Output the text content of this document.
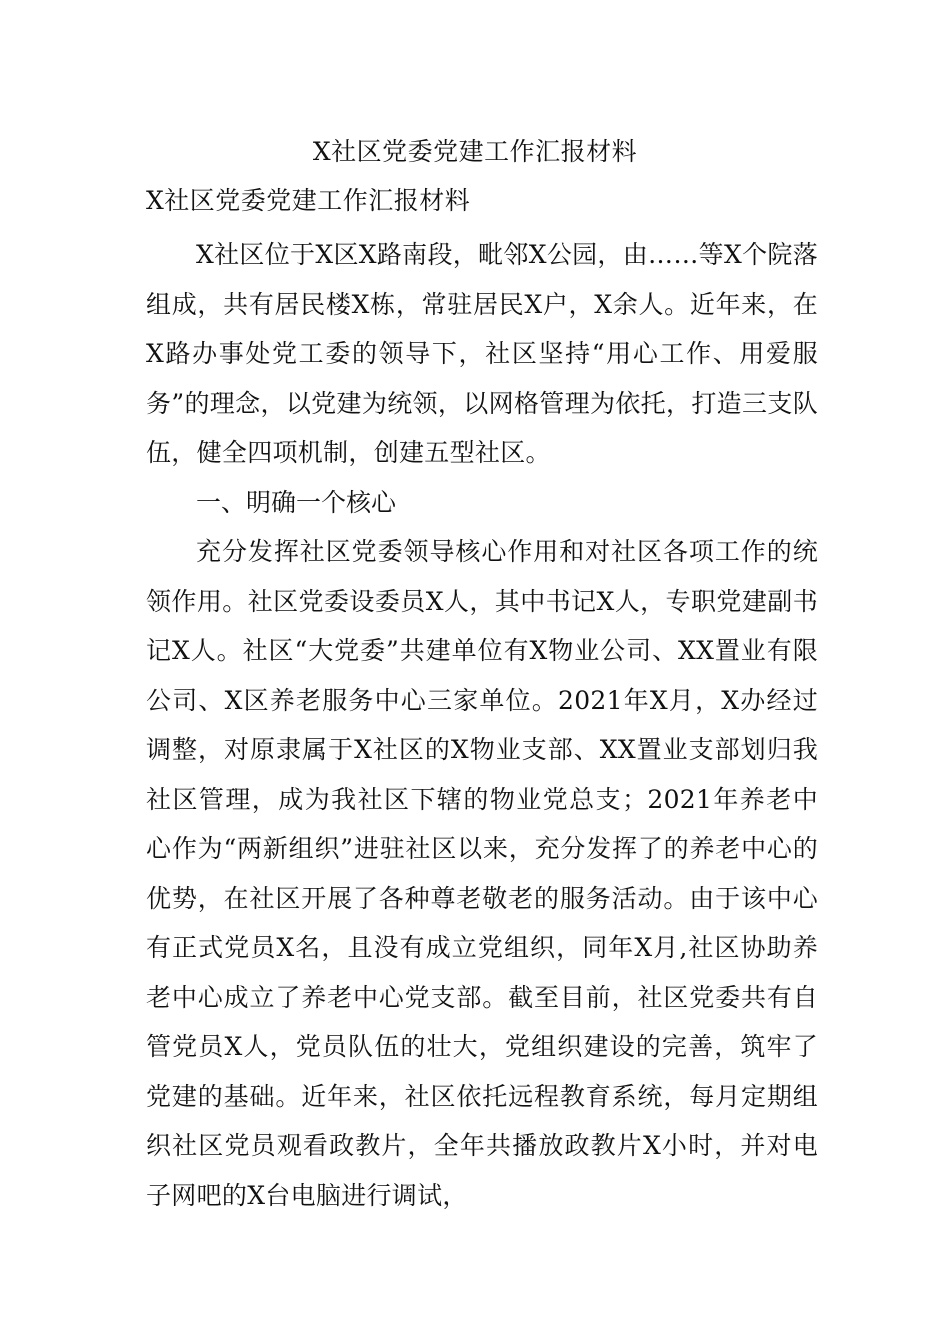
X社区党委党建工作汇报材料
X社区党委党建工作汇报材料

X社区位于X区X路南段，毗邻X公园，由……等X个院落组成，共有居民楼X栋，常驻居民X户，X余人。近年来，在X路办事处党工委的领导下，社区坚持“用心工作、用爱服务”的理念，以党建为统领，以网格管理为依托，打造三支队伍，健全四项机制，创建五型社区。

一、明确一个核心

充分发挥社区党委领导核心作用和对社区各项工作的统领作用。社区党委设委员X人，其中书记X人，专职党建副书记X人。社区“大党委”共建单位有X物业公司、XX置业有限公司、X区养老服务中心三家单位。2021年X月，X办经过调整，对原隶属于X社区的X物业支部、XX置业支部划归我社区管理，成为我社区下辖的物业党总支；2021年养老中心作为“两新组织”进驻社区以来，充分发挥了的养老中心的优势，在社区开展了各种尊老敬老的服务活动。由于该中心有正式党员X名，且没有成立党组织，同年X月,社区协助养老中心成立了养老中心党支部。截至目前，社区党委共有自管党员X人，党员队伍的壮大，党组织建设的完善，筑牢了党建的基础。近年来，社区依托远程教育系统，每月定期组织社区党员观看政教片，全年共播放政教片X小时，并对电子网吧的X台电脑进行调试，
